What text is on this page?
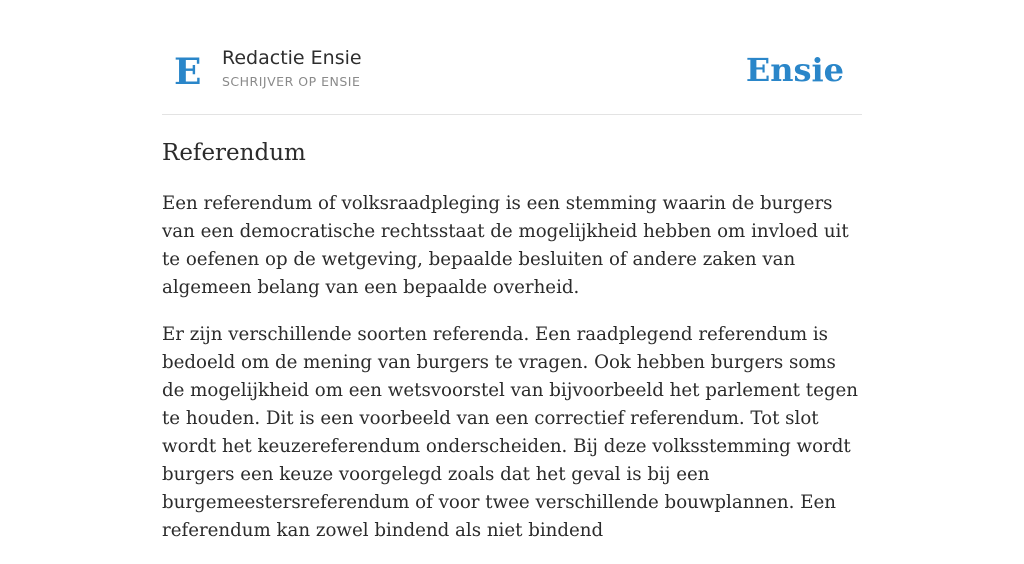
E Redactie Ensie
SCHRIJVER OP ENSIE	Ensie
Referendum

Een referendum of volksraadpleging is een stemming waarin de burgers van een democratische rechtsstaat de mogelijkheid hebben om invloed uit te oefenen op de wetgeving, bepaalde besluiten of andere zaken van algemeen belang van een bepaalde overheid.

Er zijn verschillende soorten referenda. Een raadplegend referendum is bedoeld om de mening van burgers te vragen. Ook hebben burgers soms de mogelijkheid om een wetsvoorstel van bijvoorbeeld het parlement tegen te houden. Dit is een voorbeeld van een correctief referendum. Tot slot wordt het keuzereferendum onderscheiden. Bij deze volksstemming wordt burgers een keuze voorgelegd zoals dat het geval is bij een burgemeestersreferendum of voor twee verschillende bouwplannen. Een referendum kan zowel bindend als niet bindend
